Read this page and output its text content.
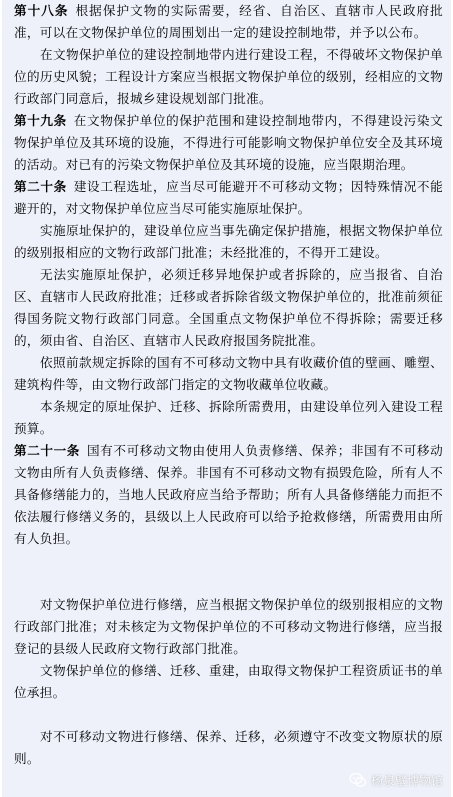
第十八条 根据保护文物的实际需要，经省、自治区、直辖市人民政府批准，可以在文物保护单位的周围划出一定的建设控制地带，并予以公布。

在文物保护单位的建设控制地带内进行建设工程，不得破坏文物保护单位的历史风貌；工程设计方案应当根据文物保护单位的级别，经相应的文物行政部门同意后，报城乡建设规划部门批准。

第十九条 在文物保护单位的保护范围和建设控制地带内，不得建设污染文物保护单位及其环境的设施，不得进行可能影响文物保护单位安全及其环境的活动。对已有的污染文物保护单位及其环境的设施，应当限期治理。

第二十条 建设工程选址，应当尽可能避开不可移动文物；因特殊情况不能避开的，对文物保护单位应当尽可能实施原址保护。

实施原址保护的，建设单位应当事先确定保护措施，根据文物保护单位的级别报相应的文物行政部门批准；未经批准的，不得开工建设。

无法实施原址保护，必须迁移异地保护或者拆除的，应当报省、自治区、直辖市人民政府批准；迁移或者拆除省级文物保护单位的，批准前须征得国务院文物行政部门同意。全国重点文物保护单位不得拆除；需要迁移的，须由省、自治区、直辖市人民政府报国务院批准。

依照前款规定拆除的国有不可移动文物中具有收藏价值的壁画、雕塑、建筑构件等，由文物行政部门指定的文物收藏单位收藏。

本条规定的原址保护、迁移、拆除所需费用，由建设单位列入建设工程预算。

第二十一条 国有不可移动文物由使用人负责修缮、保养；非国有不可移动文物由所有人负责修缮、保养。非国有不可移动文物有损毁危险，所有人不具备修缮能力的，当地人民政府应当给予帮助；所有人具备修缮能力而拒不依法履行修缮义务的，县级以上人民政府可以给予抢救修缮，所需费用由所有人负担。

对文物保护单位进行修缮，应当根据文物保护单位的级别报相应的文物行政部门批准；对未核定为文物保护单位的不可移动文物进行修缮，应当报登记的县级人民政府文物行政部门批准。

文物保护单位的修缮、迁移、重建，由取得文物保护工程资质证书的单位承担。

对不可移动文物进行修缮、保养、迁移，必须遵守不改变文物原状的原则。

杨泉壁博物馆
